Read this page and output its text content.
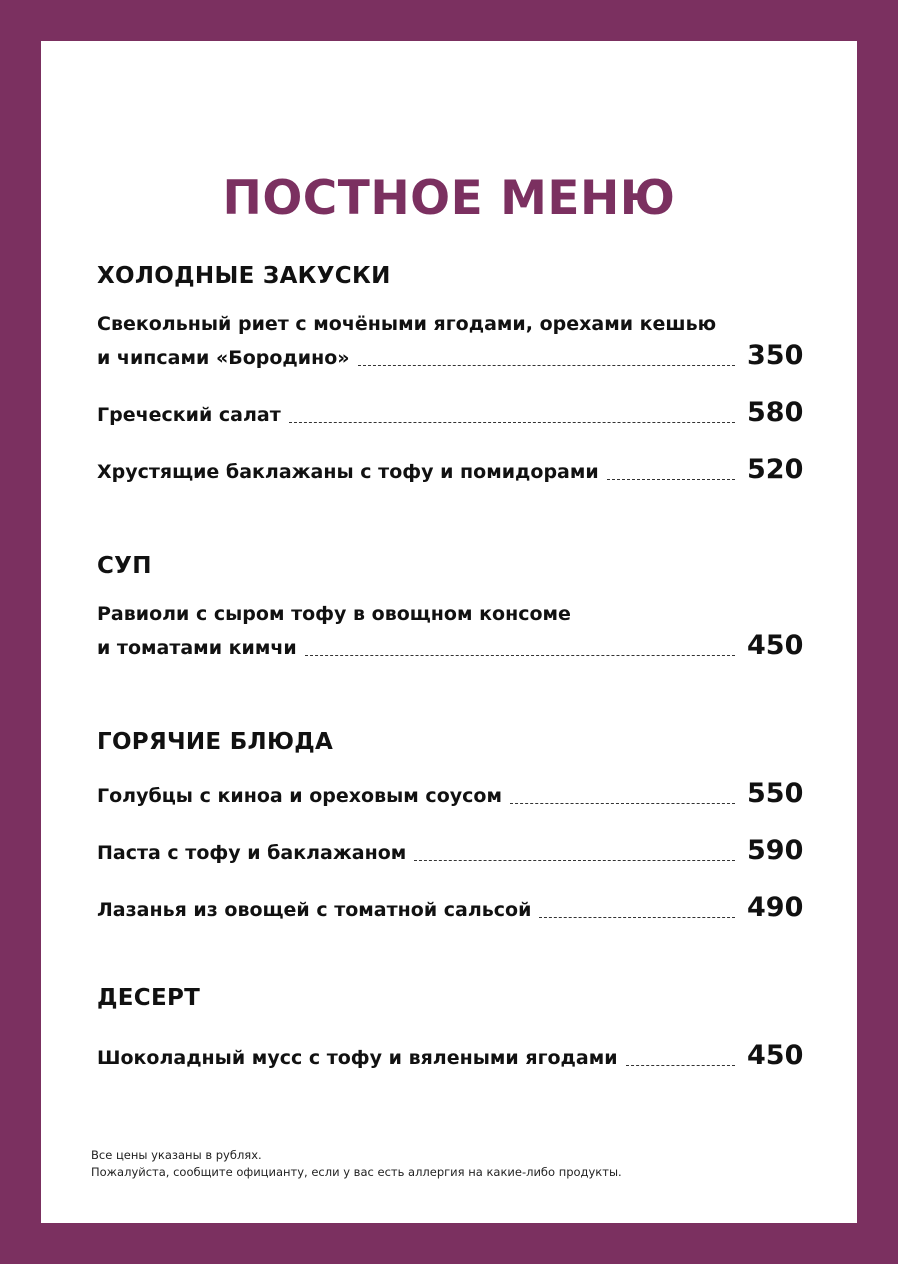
ПОСТНОЕ МЕНЮ
ХОЛОДНЫЕ ЗАКУСКИ
Свекольный риет с мочёными ягодами, орехами кешью
и чипсами «Бородино»	350
Греческий салат	580
Хрустящие баклажаны с тофу и помидорами	520
СУП
Равиоли с сыром тофу в овощном консоме
и томатами кимчи	450
ГОРЯЧИЕ БЛЮДА
Голубцы с киноа и ореховым соусом	550
Паста с тофу и баклажаном	590
Лазанья из овощей с томатной сальсой	490
ДЕСЕРТ
Шоколадный мусс с тофу и вялеными ягодами	450
Все цены указаны в рублях.
Пожалуйста, сообщите официанту, если у вас есть аллергия на какие-либо продукты.
